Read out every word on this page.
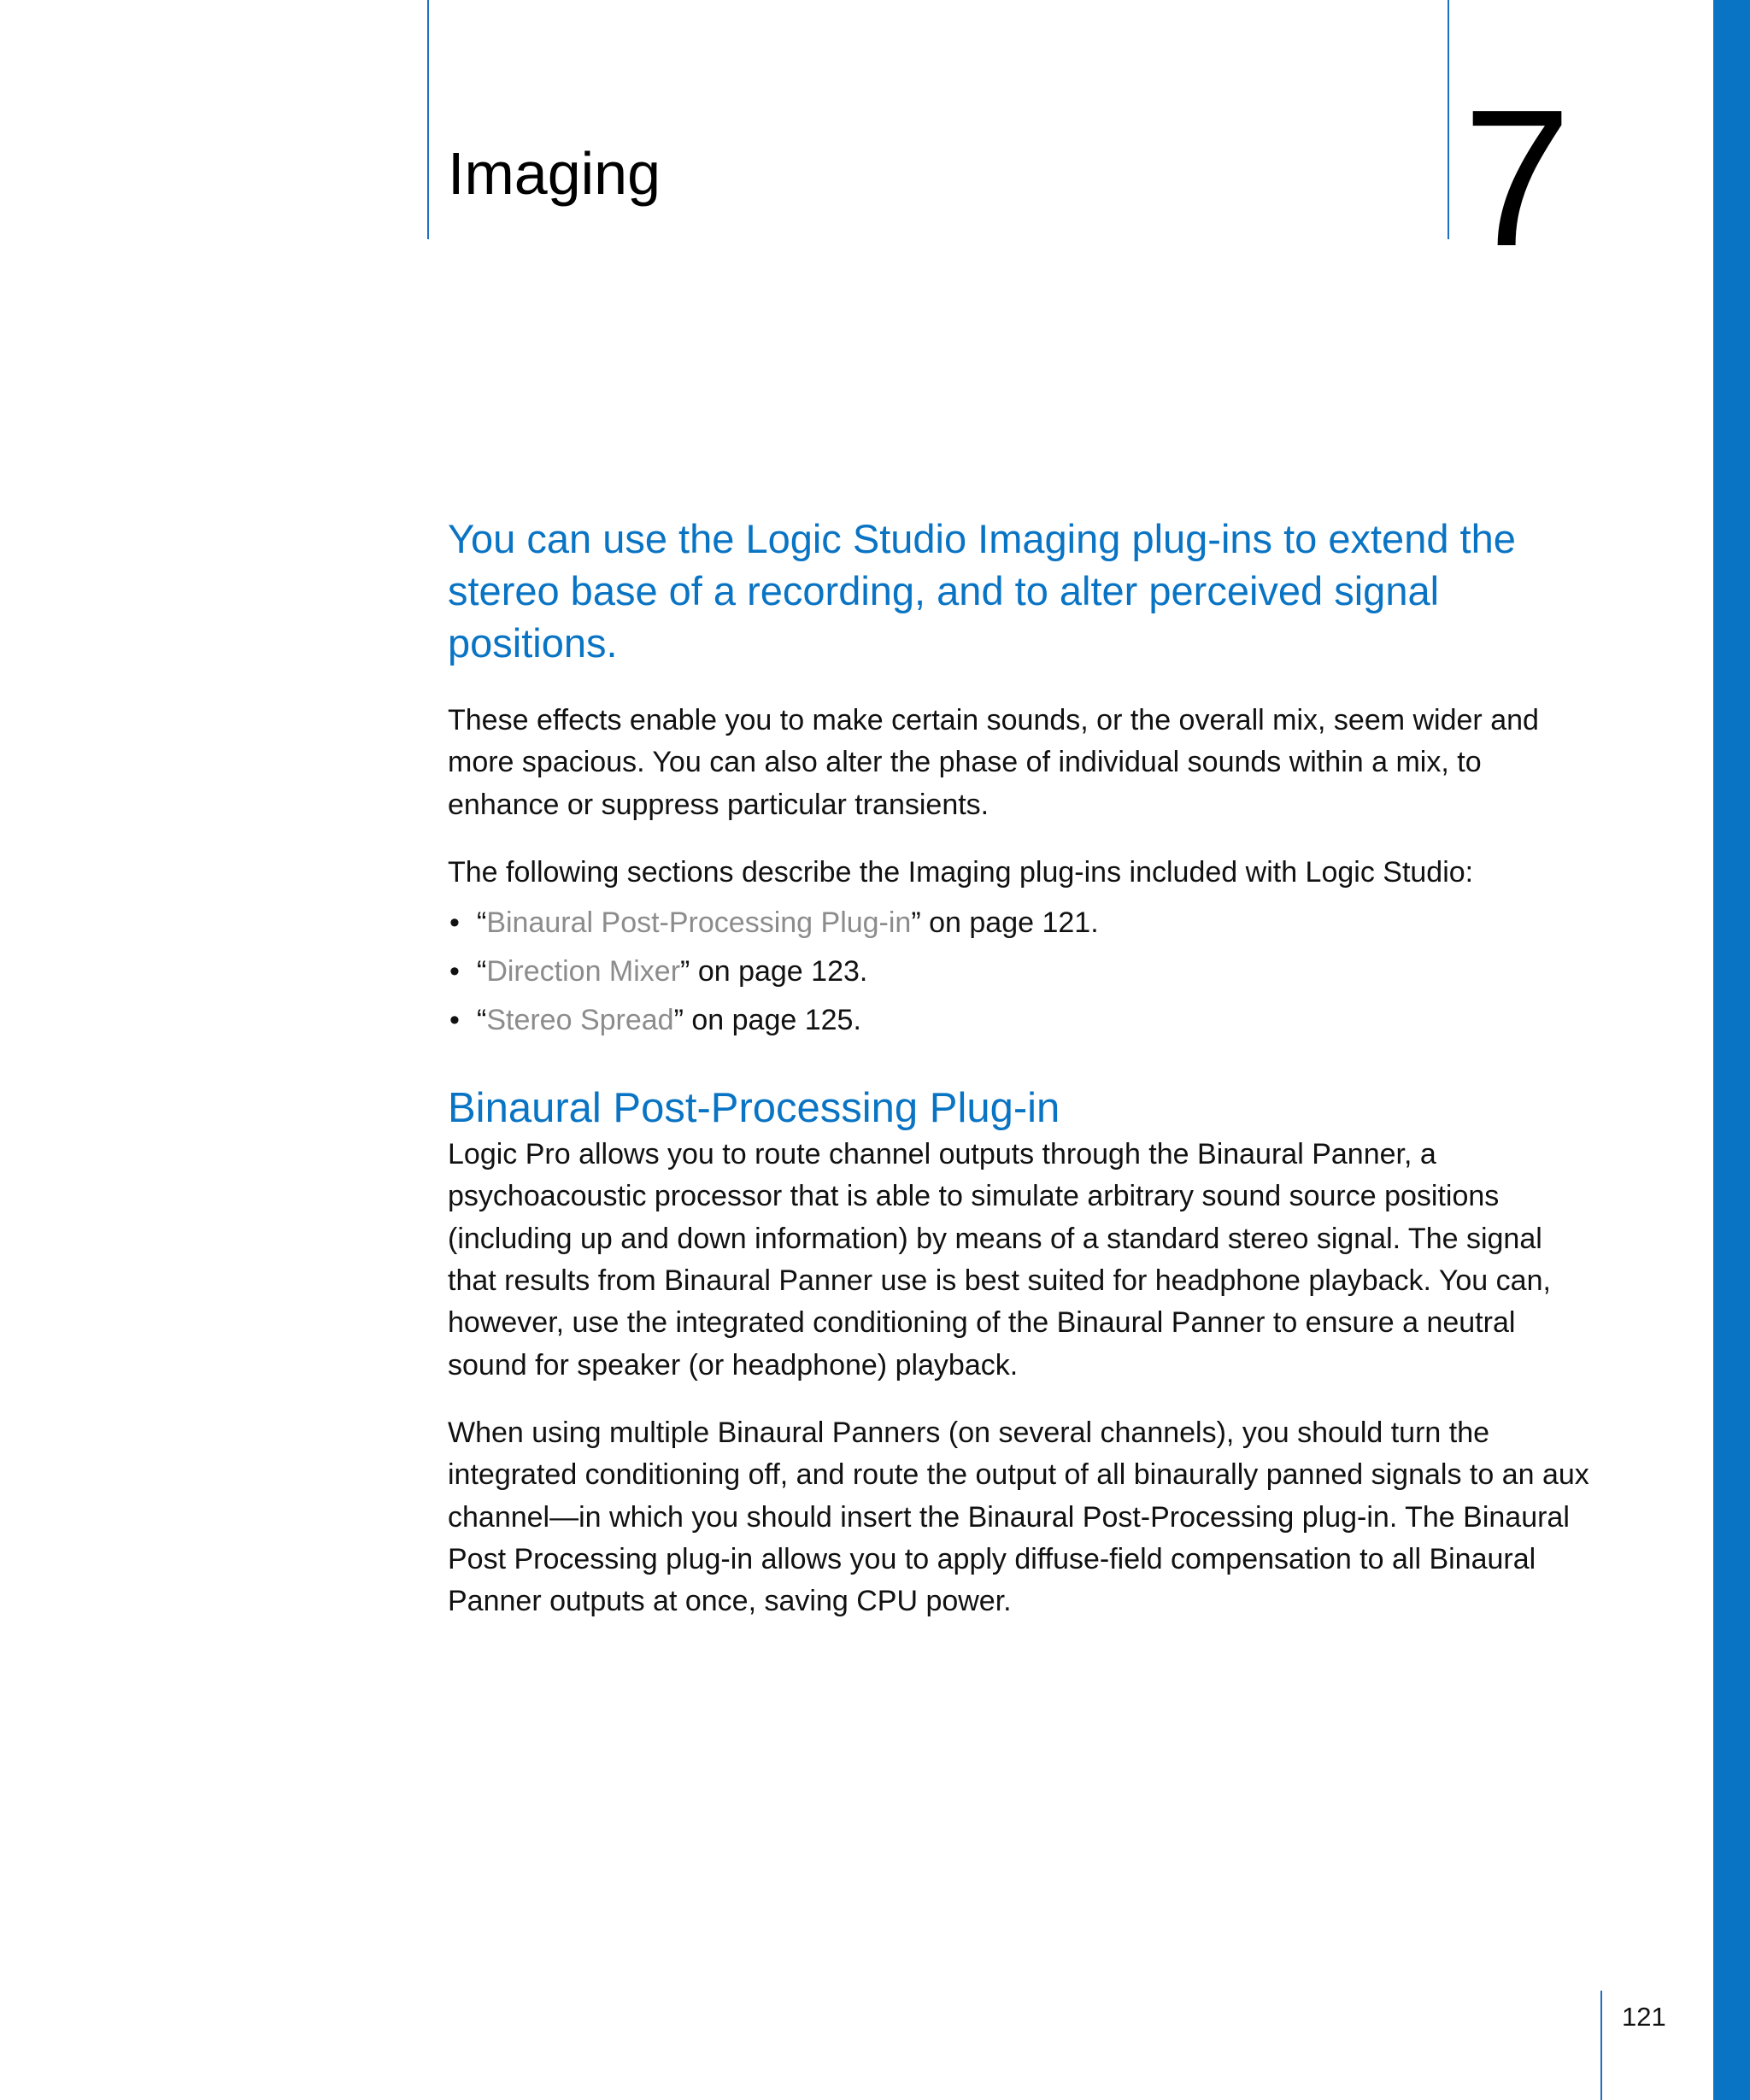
Imaging	7

You can use the Logic Studio Imaging plug-ins to extend the stereo base of a recording, and to alter perceived signal positions.

These effects enable you to make certain sounds, or the overall mix, seem wider and more spacious. You can also alter the phase of individual sounds within a mix, to enhance or suppress particular transients.

The following sections describe the Imaging plug-ins included with Logic Studio:

• “Binaural Post-Processing Plug-in” on page 121.
• “Direction Mixer” on page 123.
• “Stereo Spread” on page 125.
Binaural Post-Processing Plug-in

Logic Pro allows you to route channel outputs through the Binaural Panner, a psychoacoustic processor that is able to simulate arbitrary sound source positions (including up and down information) by means of a standard stereo signal. The signal that results from Binaural Panner use is best suited for headphone playback. You can, however, use the integrated conditioning of the Binaural Panner to ensure a neutral sound for speaker (or headphone) playback.

When using multiple Binaural Panners (on several channels), you should turn the integrated conditioning off, and route the output of all binaurally panned signals to an aux channel—in which you should insert the Binaural Post-Processing plug-in. The Binaural Post Processing plug-in allows you to apply diffuse-field compensation to all Binaural Panner outputs at once, saving CPU power.

121
